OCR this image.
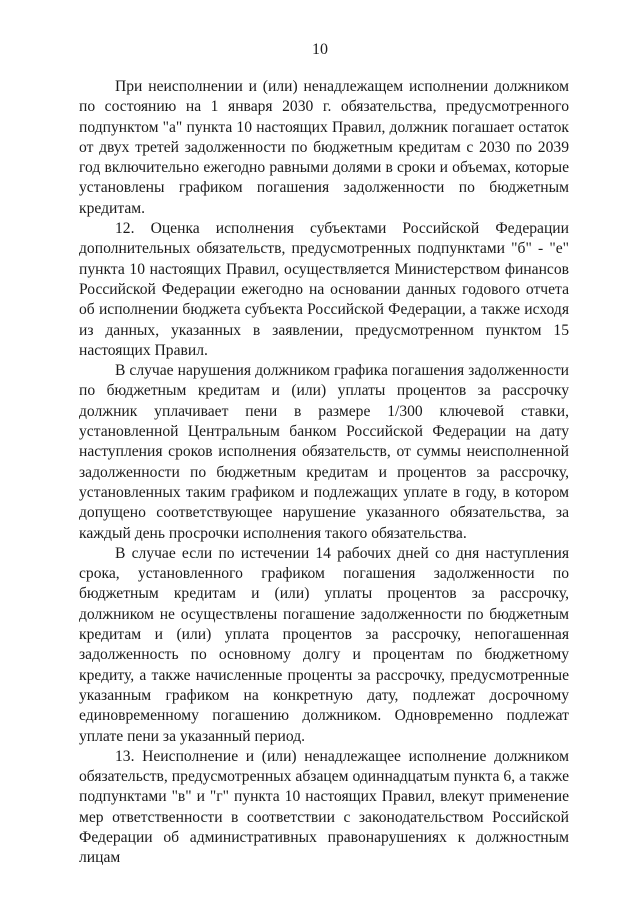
10

При неисполнении и (или) ненадлежащем исполнении должником по состоянию на 1 января 2030 г. обязательства, предусмотренного подпунктом "а" пункта 10 настоящих Правил, должник погашает остаток от двух третей задолженности по бюджетным кредитам с 2030 по 2039 год включительно ежегодно равными долями в сроки и объемах, которые установлены графиком погашения задолженности по бюджетным кредитам.

12. Оценка исполнения субъектами Российской Федерации дополнительных обязательств, предусмотренных подпунктами "б" - "е" пункта 10 настоящих Правил, осуществляется Министерством финансов Российской Федерации ежегодно на основании данных годового отчета об исполнении бюджета субъекта Российской Федерации, а также исходя из данных, указанных в заявлении, предусмотренном пунктом 15 настоящих Правил.

В случае нарушения должником графика погашения задолженности по бюджетным кредитам и (или) уплаты процентов за рассрочку должник уплачивает пени в размере 1/300 ключевой ставки, установленной Центральным банком Российской Федерации на дату наступления сроков исполнения обязательств, от суммы неисполненной задолженности по бюджетным кредитам и процентов за рассрочку, установленных таким графиком и подлежащих уплате в году, в котором допущено соответствующее нарушение указанного обязательства, за каждый день просрочки исполнения такого обязательства.

В случае если по истечении 14 рабочих дней со дня наступления срока, установленного графиком погашения задолженности по бюджетным кредитам и (или) уплаты процентов за рассрочку, должником не осуществлены погашение задолженности по бюджетным кредитам и (или) уплата процентов за рассрочку, непогашенная задолженность по основному долгу и процентам по бюджетному кредиту, а также начисленные проценты за рассрочку, предусмотренные указанным графиком на конкретную дату, подлежат досрочному единовременному погашению должником. Одновременно подлежат уплате пени за указанный период.

13. Неисполнение и (или) ненадлежащее исполнение должником обязательств, предусмотренных абзацем одиннадцатым пункта 6, а также подпунктами "в" и "г" пункта 10 настоящих Правил, влекут применение мер ответственности в соответствии с законодательством Российской Федерации об административных правонарушениях к должностным лицам
